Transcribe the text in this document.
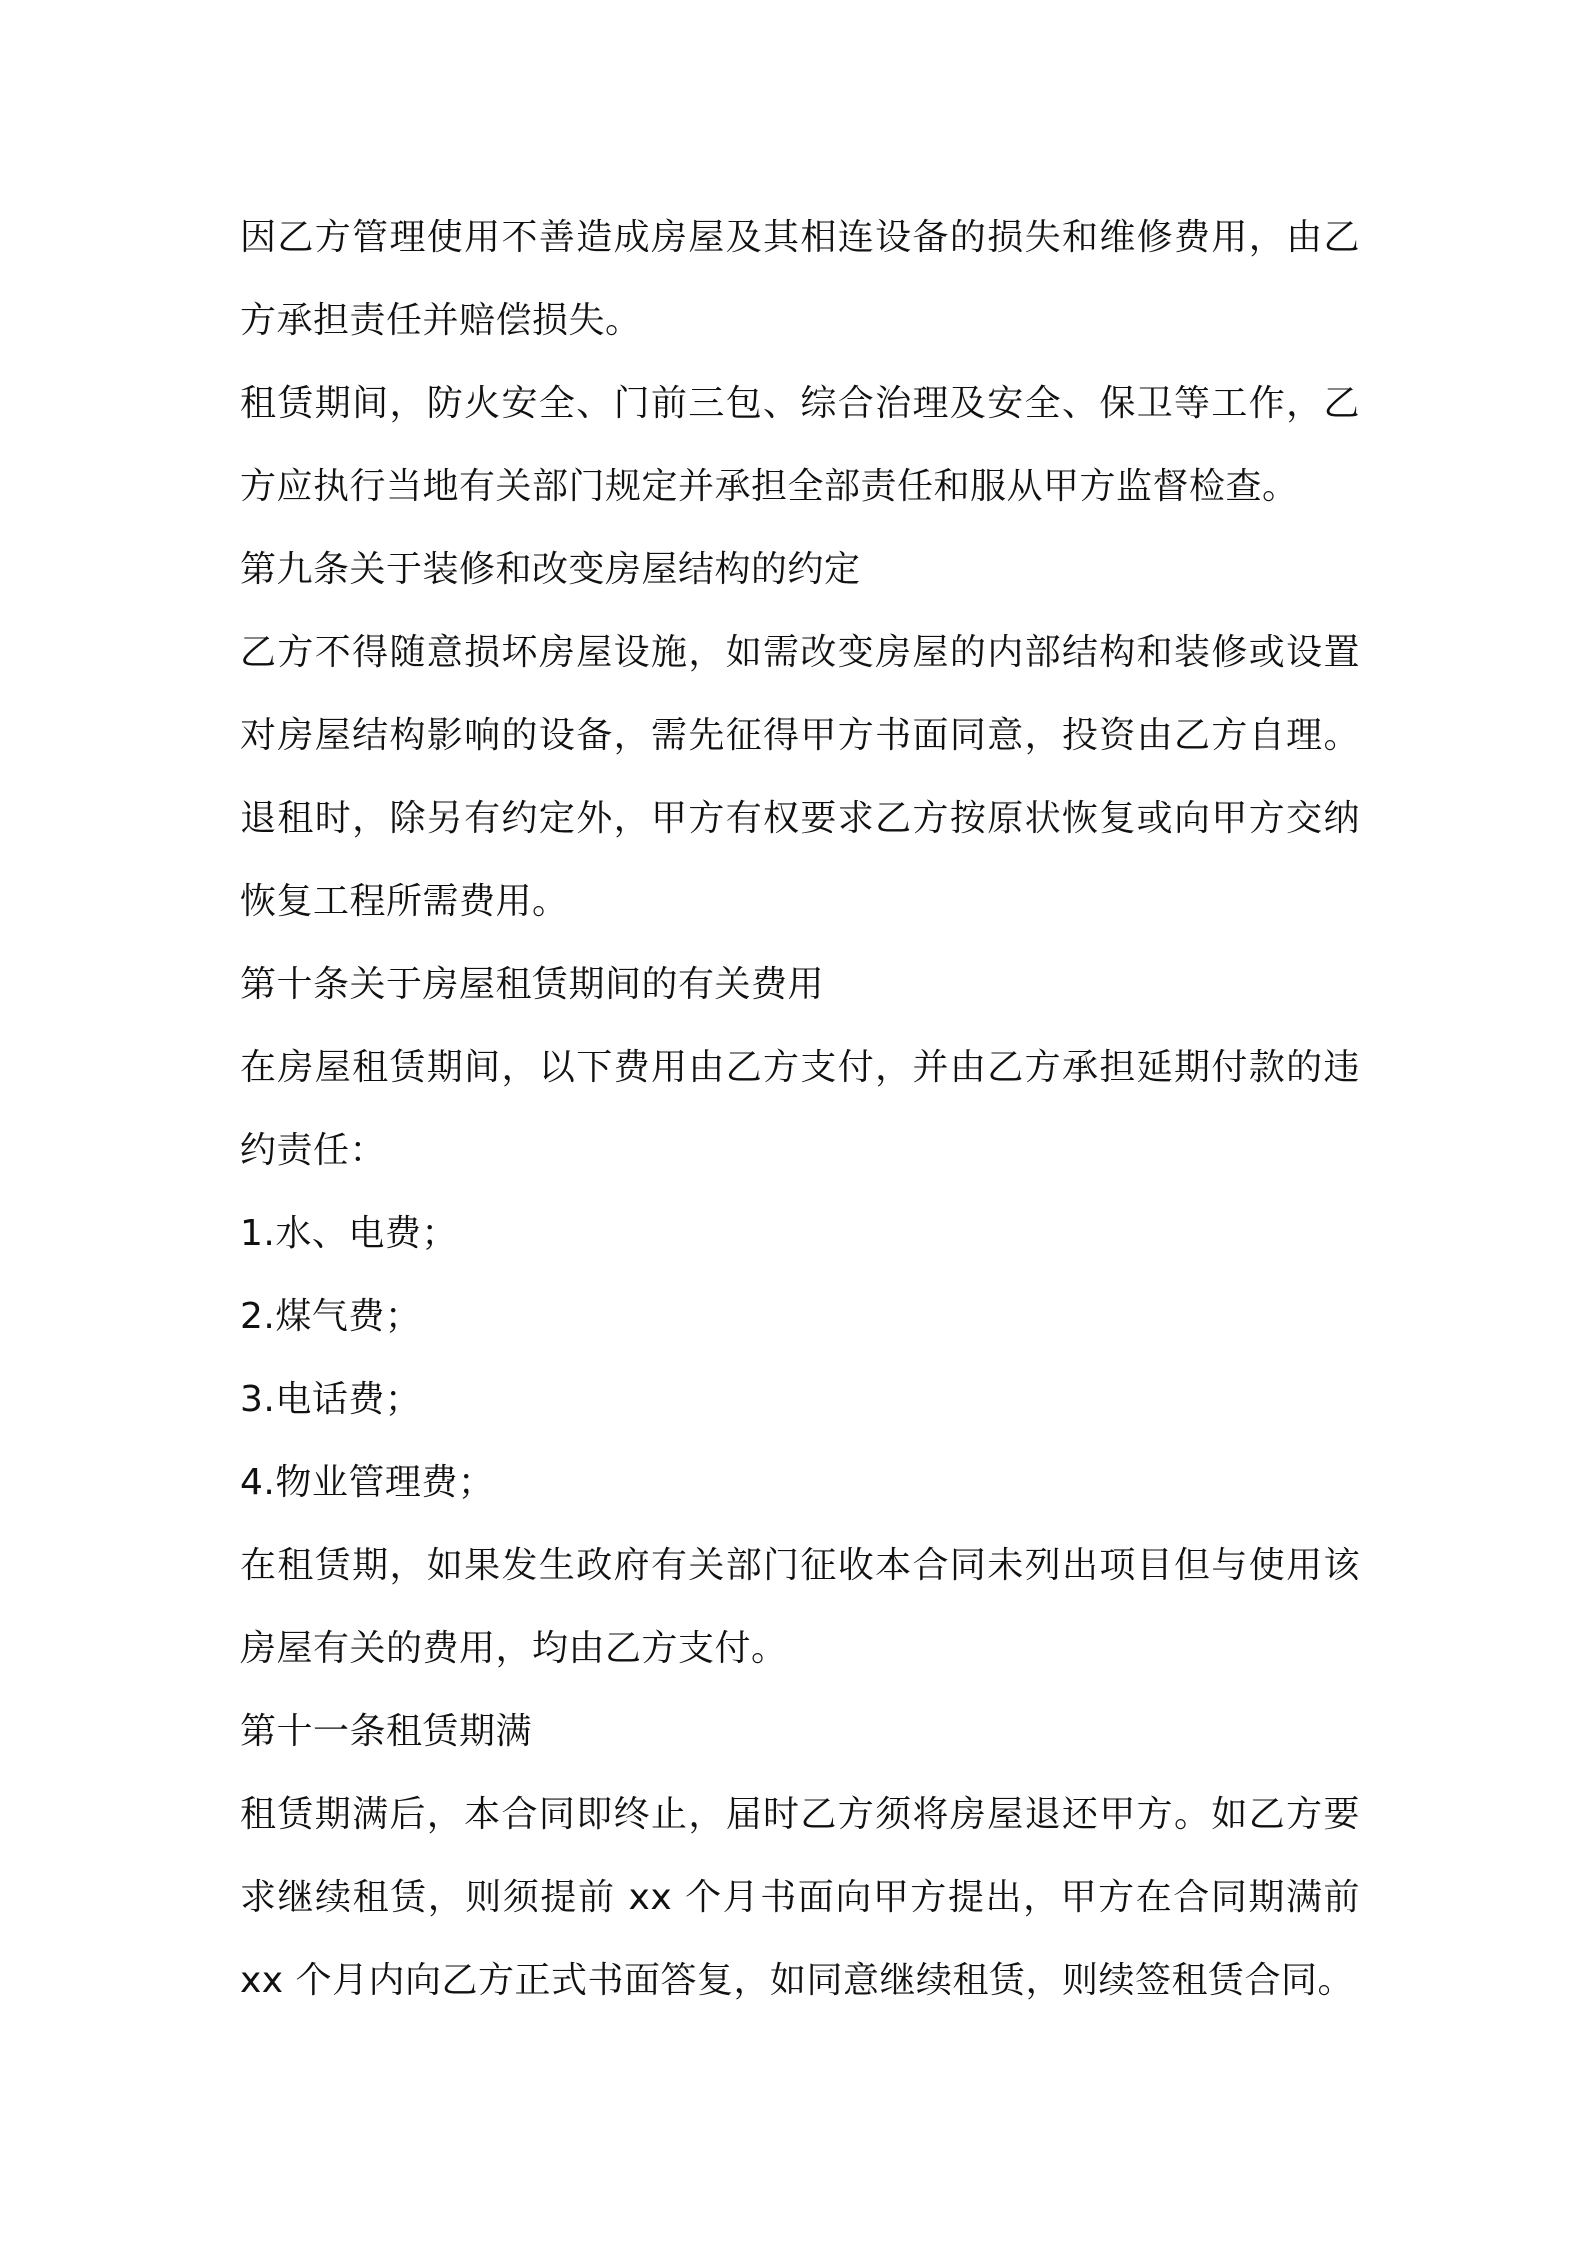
因乙方管理使用不善造成房屋及其相连设备的损失和维修费用，由乙方承担责任并赔偿损失。

租赁期间，防火安全、门前三包、综合治理及安全、保卫等工作，乙方应执行当地有关部门规定并承担全部责任和服从甲方监督检查。

第九条关于装修和改变房屋结构的约定

乙方不得随意损坏房屋设施，如需改变房屋的内部结构和装修或设置对房屋结构影响的设备，需先征得甲方书面同意，投资由乙方自理。退租时，除另有约定外，甲方有权要求乙方按原状恢复或向甲方交纳恢复工程所需费用。

第十条关于房屋租赁期间的有关费用

在房屋租赁期间，以下费用由乙方支付，并由乙方承担延期付款的违约责任：

1.水、电费；

2.煤气费；

3.电话费；

4.物业管理费；

在租赁期，如果发生政府有关部门征收本合同未列出项目但与使用该房屋有关的费用，均由乙方支付。

第十一条租赁期满

租赁期满后，本合同即终止，届时乙方须将房屋退还甲方。如乙方要求继续租赁，则须提前 xx 个月书面向甲方提出，甲方在合同期满前 xx 个月内向乙方正式书面答复，如同意继续租赁，则续签租赁合同。
